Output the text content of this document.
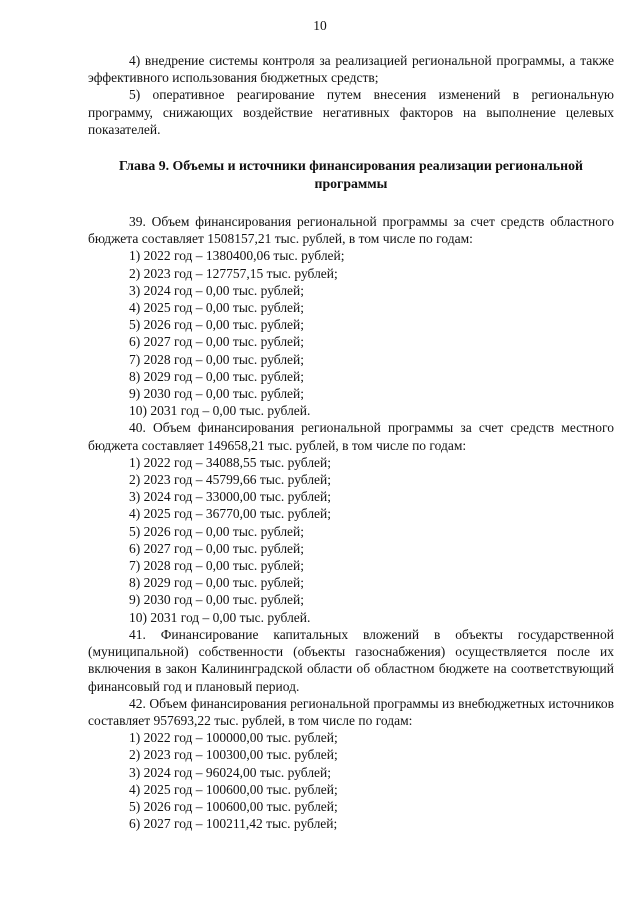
10

4) внедрение системы контроля за реализацией региональной программы, а также эффективного использования бюджетных средств;

5) оперативное реагирование путем внесения изменений в региональную программу, снижающих воздействие негативных факторов на выполнение целевых показателей.

Глава 9. Объемы и источники финансирования реализации региональной программы

39. Объем финансирования региональной программы за счет средств областного бюджета составляет 1508157,21 тыс. рублей, в том числе по годам:

1) 2022 год – 1380400,06 тыс. рублей;

2) 2023 год – 127757,15 тыс. рублей;

3) 2024 год – 0,00 тыс. рублей;

4) 2025 год – 0,00 тыс. рублей;

5) 2026 год – 0,00 тыс. рублей;

6) 2027 год – 0,00 тыс. рублей;

7) 2028 год – 0,00 тыс. рублей;

8) 2029 год – 0,00 тыс. рублей;

9) 2030 год – 0,00 тыс. рублей;

10) 2031 год – 0,00 тыс. рублей.

40. Объем финансирования региональной программы за счет средств местного бюджета составляет 149658,21 тыс. рублей, в том числе по годам:

1) 2022 год – 34088,55 тыс. рублей;

2) 2023 год – 45799,66 тыс. рублей;

3) 2024 год – 33000,00 тыс. рублей;

4) 2025 год – 36770,00 тыс. рублей;

5) 2026 год – 0,00 тыс. рублей;

6) 2027 год – 0,00 тыс. рублей;

7) 2028 год – 0,00 тыс. рублей;

8) 2029 год – 0,00 тыс. рублей;

9) 2030 год – 0,00 тыс. рублей;

10) 2031 год – 0,00 тыс. рублей.

41. Финансирование капитальных вложений в объекты государственной (муниципальной) собственности (объекты газоснабжения) осуществляется после их включения в закон Калининградской области об областном бюджете на соответствующий финансовый год и плановый период.

42. Объем финансирования региональной программы из внебюджетных источников составляет 957693,22 тыс. рублей, в том числе по годам:

1) 2022 год – 100000,00 тыс. рублей;

2) 2023 год – 100300,00 тыс. рублей;

3) 2024 год – 96024,00 тыс. рублей;

4) 2025 год – 100600,00 тыс. рублей;

5) 2026 год – 100600,00 тыс. рублей;

6) 2027 год – 100211,42 тыс. рублей;
